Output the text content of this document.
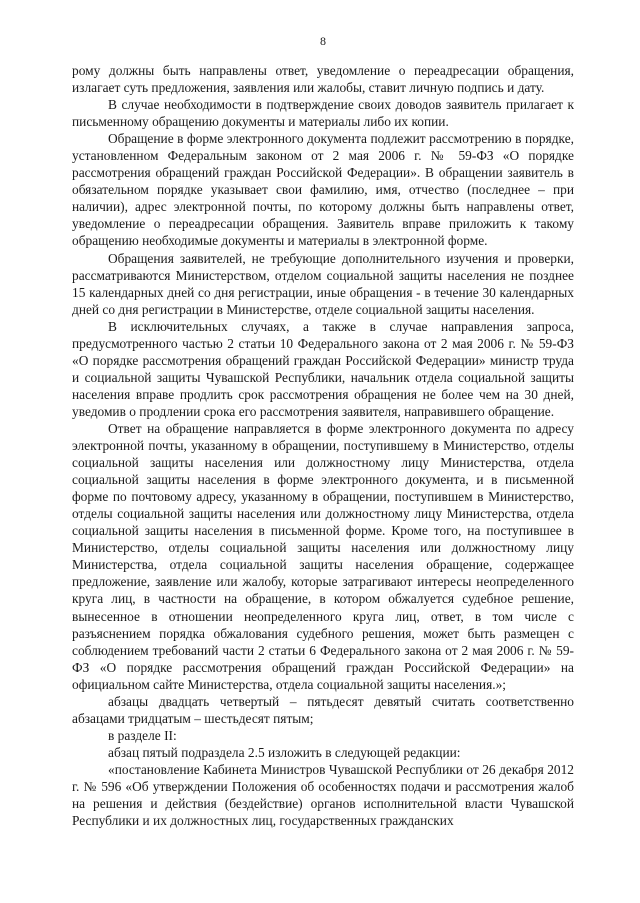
8

рому должны быть направлены ответ, уведомление о переадресации обращения, излагает суть предложения, заявления или жалобы, ставит личную подпись и дату.

В случае необходимости в подтверждение своих доводов заявитель прилагает к письменному обращению документы и материалы либо их копии.

Обращение в форме электронного документа подлежит рассмотрению в порядке, установленном Федеральным законом от 2 мая 2006 г. № 59-ФЗ «О порядке рассмотрения обращений граждан Российской Федерации». В обращении заявитель в обязательном порядке указывает свои фамилию, имя, отчество (последнее – при наличии), адрес электронной почты, по которому должны быть направлены ответ, уведомление о переадресации обращения. Заявитель вправе приложить к такому обращению необходимые документы и материалы в электронной форме.

Обращения заявителей, не требующие дополнительного изучения и проверки, рассматриваются Министерством, отделом социальной защиты населения не позднее 15 календарных дней со дня регистрации, иные обращения - в течение 30 календарных дней со дня регистрации в Министерстве, отделе социальной защиты населения.

В исключительных случаях, а также в случае направления запроса, предусмотренного частью 2 статьи 10 Федерального закона от 2 мая 2006 г. № 59-ФЗ «О порядке рассмотрения обращений граждан Российской Федерации» министр труда и социальной защиты Чувашской Республики, начальник отдела социальной защиты населения вправе продлить срок рассмотрения обращения не более чем на 30 дней, уведомив о продлении срока его рассмотрения заявителя, направившего обращение.

Ответ на обращение направляется в форме электронного документа по адресу электронной почты, указанному в обращении, поступившему в Министерство, отделы социальной защиты населения или должностному лицу Министерства, отдела социальной защиты населения в форме электронного документа, и в письменной форме по почтовому адресу, указанному в обращении, поступившем в Министерство, отделы социальной защиты населения или должностному лицу Министерства, отдела социальной защиты населения в письменной форме. Кроме того, на поступившее в Министерство, отделы социальной защиты населения или должностному лицу Министерства, отдела социальной защиты населения обращение, содержащее предложение, заявление или жалобу, которые затрагивают интересы неопределенного круга лиц, в частности на обращение, в котором обжалуется судебное решение, вынесенное в отношении неопределенного круга лиц, ответ, в том числе с разъяснением порядка обжалования судебного решения, может быть размещен с соблюдением требований части 2 статьи 6 Федерального закона от 2 мая 2006 г. № 59-ФЗ «О порядке рассмотрения обращений граждан Российской Федерации» на официальном сайте Министерства, отдела социальной защиты населения.»;

абзацы двадцать четвертый – пятьдесят девятый считать соответственно абзацами тридцатым – шестьдесят пятым;

в разделе II:

абзац пятый подраздела 2.5 изложить в следующей редакции:

«постановление Кабинета Министров Чувашской Республики от 26 декабря 2012 г. № 596 «Об утверждении Положения об особенностях подачи и рассмотрения жалоб на решения и действия (бездействие) органов исполнительной власти Чувашской Республики и их должностных лиц, государственных гражданских
